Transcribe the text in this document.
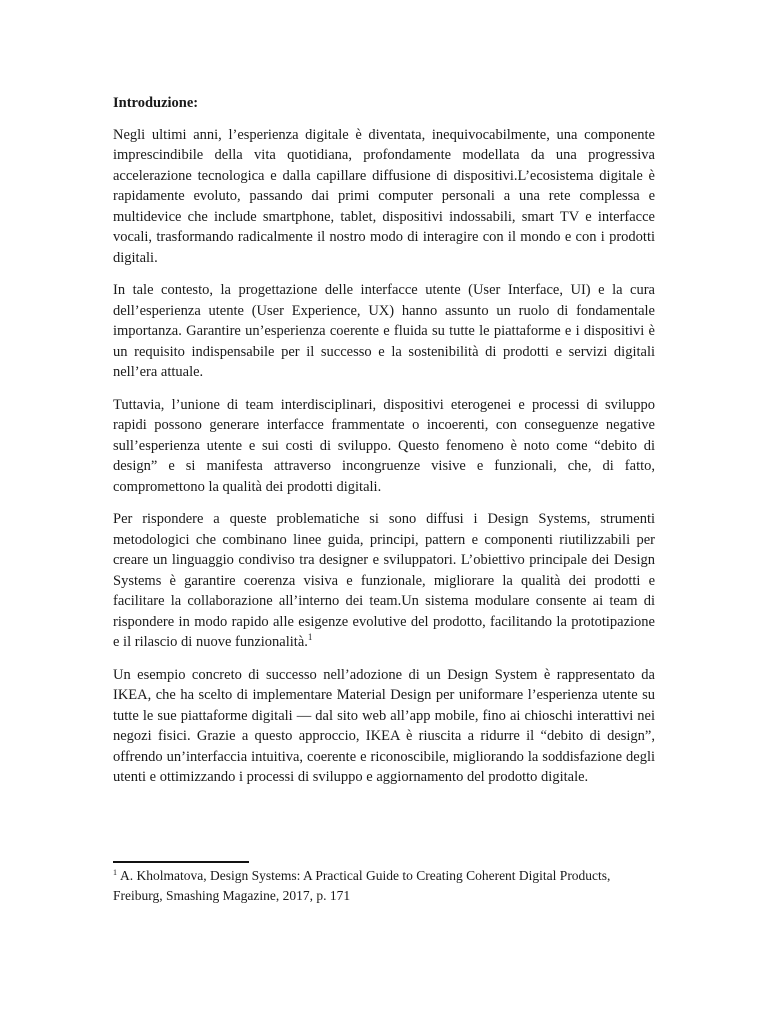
Introduzione:

Negli ultimi anni, l’esperienza digitale è diventata, inequivocabilmente, una componente imprescindibile della vita quotidiana, profondamente modellata da una progressiva accelerazione tecnologica e dalla capillare diffusione di dispositivi.L’ecosistema digitale è rapidamente evoluto, passando dai primi computer personali a una rete complessa e multidevice che include smartphone, tablet, dispositivi indossabili, smart TV e interfacce vocali, trasformando radicalmente il nostro modo di interagire con il mondo e con i prodotti digitali.

In tale contesto, la progettazione delle interfacce utente (User Interface, UI) e la cura dell’esperienza utente (User Experience, UX) hanno assunto un ruolo di fondamentale importanza. Garantire un’esperienza coerente e fluida su tutte le piattaforme e i dispositivi è un requisito indispensabile per il successo e la sostenibilità di prodotti e servizi digitali nell’era attuale.

Tuttavia, l’unione di team interdisciplinari, dispositivi eterogenei e processi di sviluppo rapidi possono generare interfacce frammentate o incoerenti, con conseguenze negative sull’esperienza utente e sui costi di sviluppo. Questo fenomeno è noto come “debito di design” e si manifesta attraverso incongruenze visive e funzionali, che, di fatto, compromettono la qualità dei prodotti digitali.

Per rispondere a queste problematiche si sono diffusi i Design Systems, strumenti metodologici che combinano linee guida, principi, pattern e componenti riutilizzabili per creare un linguaggio condiviso tra designer e sviluppatori. L’obiettivo principale dei Design Systems è garantire coerenza visiva e funzionale, migliorare la qualità dei prodotti e facilitare la collaborazione all’interno dei team.Un sistema modulare consente ai team di rispondere in modo rapido alle esigenze evolutive del prodotto, facilitando la prototipazione e il rilascio di nuove funzionalità.$^1$

Un esempio concreto di successo nell’adozione di un Design System è rappresentato da IKEA, che ha scelto di implementare Material Design per uniformare l’esperienza utente su tutte le sue piattaforme digitali — dal sito web all’app mobile, fino ai chioschi interattivi nei negozi fisici. Grazie a questo approccio, IKEA è riuscita a ridurre il “debito di design”, offrendo un’interfaccia intuitiva, coerente e riconoscibile, migliorando la soddisfazione degli utenti e ottimizzando i processi di sviluppo e aggiornamento del prodotto digitale.

$^1$ A. Kholmatova, Design Systems: A Practical Guide to Creating Coherent Digital Products, Freiburg, Smashing Magazine, 2017, p. 171
